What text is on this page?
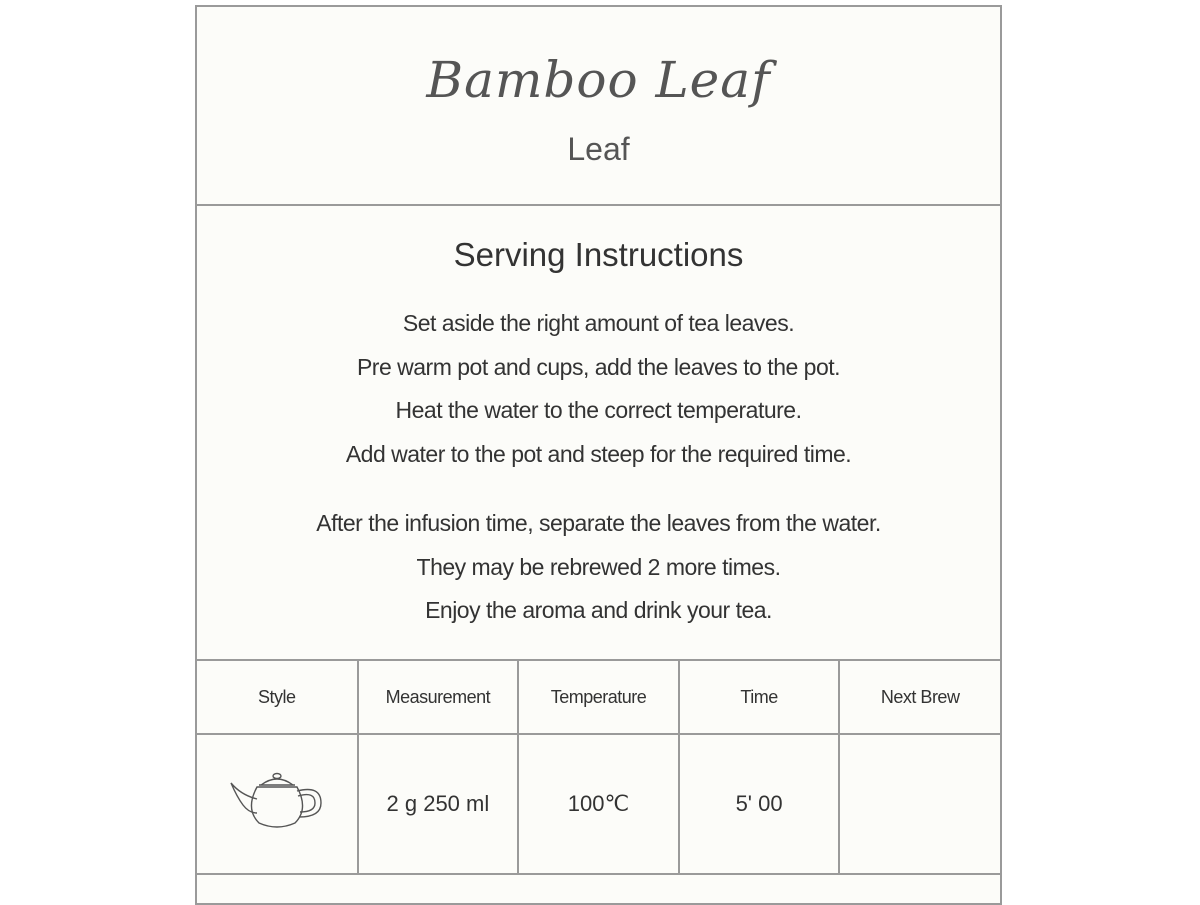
Bamboo Leaf
Leaf
Serving Instructions
Set aside the right amount of tea leaves.
Pre warm pot and cups, add the leaves to the pot.
Heat the water to the correct temperature.
Add water to the pot and steep for the required time.
After the infusion time, separate the leaves from the water.
They may be rebrewed 2 more times.
Enjoy the aroma and drink your tea.
Style	Measurement	Temperature	Time	Next Brew
	2 g 250 ml	100℃	5' 00	
